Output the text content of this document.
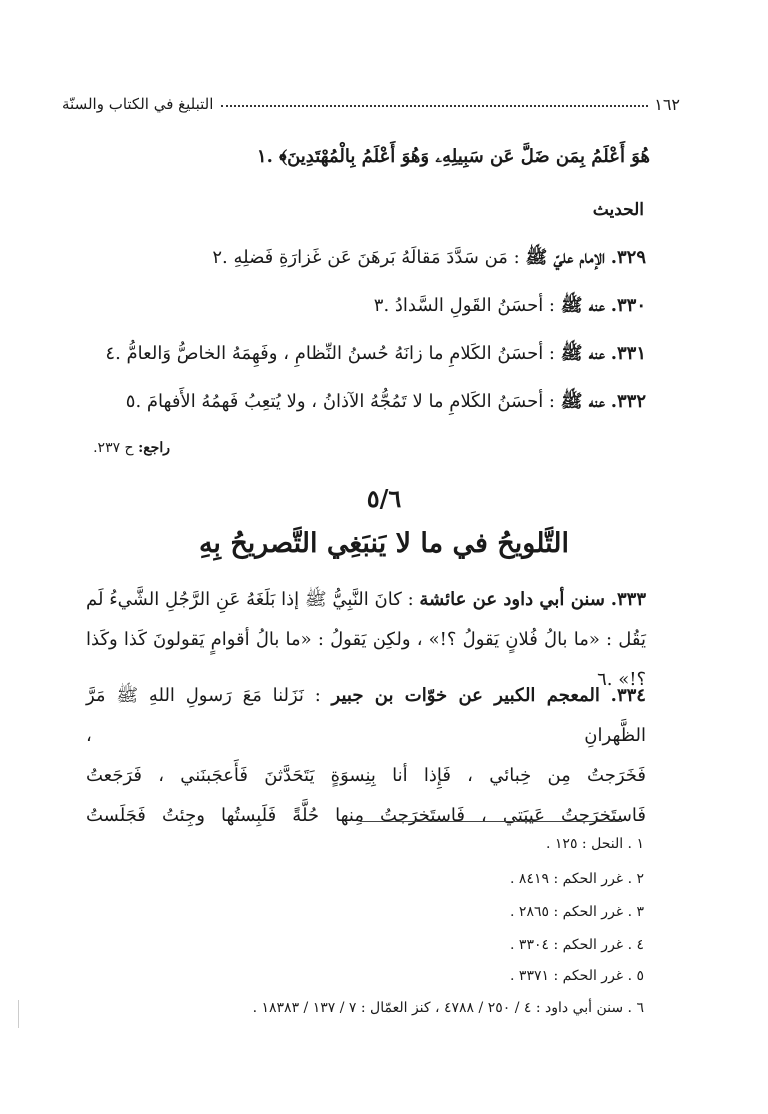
١٦٢
التبليغ في الكتاب والسنّة
هُوَ أَعْلَمُ بِمَن ضَلَّ عَن سَبِيلِهِۦ وَهُوَ أَعْلَمُ بِالْمُهْتَدِينَ﴾ .١
الحديث
٣٢٩. الإمام عليّ ﷺ : مَن سَدَّدَ مَقالَهُ بَرهَنَ عَن غَزارَةِ فَضلِهِ .٢
٣٣٠. عنه ﷺ : أحسَنُ القَولِ السَّدادُ .٣
٣٣١. عنه ﷺ : أحسَنُ الكَلامِ ما زانَهُ حُسنُ النِّظامِ ، وفَهِمَهُ الخاصُّ وَالعامُّ .٤
٣٣٢. عنه ﷺ : أحسَنُ الكَلامِ ما لا تَمُجُّهُ الآذانُ ، ولا يُتعِبُ فَهمُهُ الأَفهامَ .٥
راجع: ح ٢٣٧.
٥/٦
التَّلويحُ في ما لا يَنبَغِي التَّصريحُ بِهِ
٣٣٣. سنن أبي داود عن عائشة : كانَ النَّبِيُّ ﷺ إذا بَلَغَهُ عَنِ الرَّجُلِ الشَّيءُ لَم يَقُل : «ما بالُ فُلانٍ يَقولُ ؟!» ، ولكِن يَقولُ : «ما بالُ أقوامٍ يَقولونَ كَذا وكَذا ؟!» .٦
٣٣٤. المعجم الكبير عن خوّات بن جبير : نَزَلنا مَعَ رَسولِ اللهِ ﷺ مَرَّ الظَّهرانِ ،
فَخَرَجتُ مِن خِبائي ، فَإِذا أنا بِنِسوَةٍ يَتَحَدَّثنَ فَأَعجَبنَني ، فَرَجَعتُ
فَاستَخرَجتُ عَيبَتي ، فَاستَخرَجتُ مِنها حُلَّةً فَلَبِستُها وجِئتُ فَجَلَستُ
١ . النحل : ١٢٥ .
٢ . غرر الحكم : ٨٤١٩ .
٣ . غرر الحكم : ٢٨٦٥ .
٤ . غرر الحكم : ٣٣٠٤ .
٥ . غرر الحكم : ٣٣٧١ .
٦ . سنن أبي داود : ٤ / ٢٥٠ / ٤٧٨٨ ، كنز العمّال : ٧ / ١٣٧ / ١٨٣٨٣ .
